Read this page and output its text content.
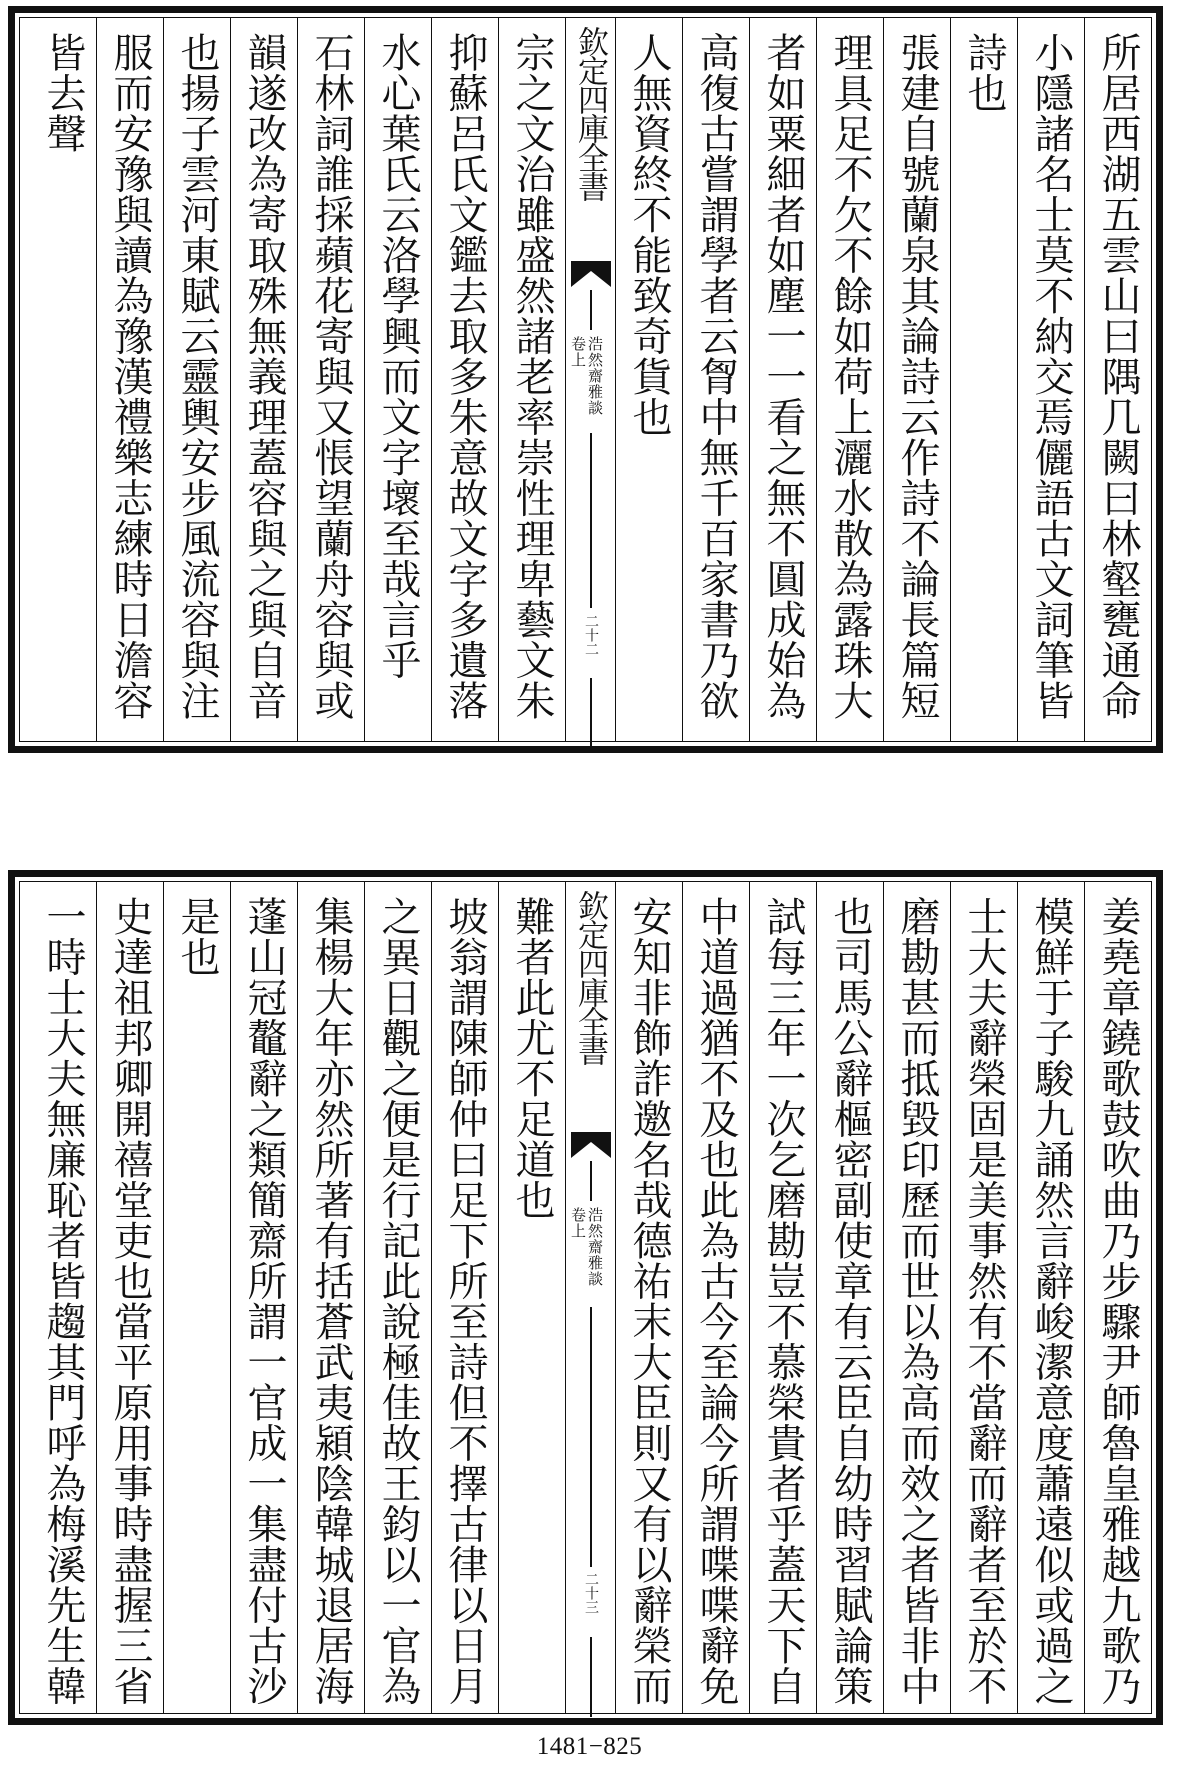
所居西湖五雲山曰隅几闕曰林壑甕通命
小隱諸名士莫不納交焉儷語古文詞筆皆
詩也
張建自號蘭泉其論詩云作詩不論長篇短
理具足不欠不餘如荷上灑水散為露珠大
者如粟細者如塵一一看之無不圓成始為
高復古嘗謂學者云胷中無千百家書乃欲
人無資終不能致奇貨也
欽定四庫全書
浩然齋雅談
卷上
二十二
宗之文治雖盛然諸老率崇性理卑藝文朱
抑蘇呂氏文鑑去取多朱意故文字多遺落
水心葉氏云洛學興而文字壞至哉言乎
石林詞誰採蘋花寄與又悵望蘭舟容與或
韻遂改為寄取殊無義理蓋容與之與自音
也揚子雲河東賦云靈輿安步風流容與注
服而安豫與讀為豫漢禮樂志練時日澹容
皆去聲
姜堯章鐃歌鼓吹曲乃步驟尹師魯皇雅越九歌乃
模鮮于子駿九誦然言辭峻潔意度蕭遠似或過之
士大夫辭榮固是美事然有不當辭而辭者至於不
磨勘甚而抵毀印歷而世以為高而效之者皆非中
也司馬公辭樞密副使章有云臣自幼時習賦論策
試每三年一次乞磨勘豈不慕榮貴者乎蓋天下自
中道過猶不及也此為古今至論今所謂喋喋辭免
安知非飾詐邀名哉德祐末大臣則又有以辭榮而
欽定四庫全書
浩然齋雅談
卷上
二十三
難者此尤不足道也
坡翁謂陳師仲曰足下所至詩但不擇古律以日月
之異日觀之便是行記此說極佳故王鈞以一官為
集楊大年亦然所著有括蒼武夷潁陰韓城退居海
蓬山冠鼇辭之類簡齋所謂一官成一集盡付古沙
是也
史達祖邦卿開禧堂吏也當平原用事時盡握三省
一時士大夫無廉恥者皆趨其門呼為梅溪先生韓
1481−825
